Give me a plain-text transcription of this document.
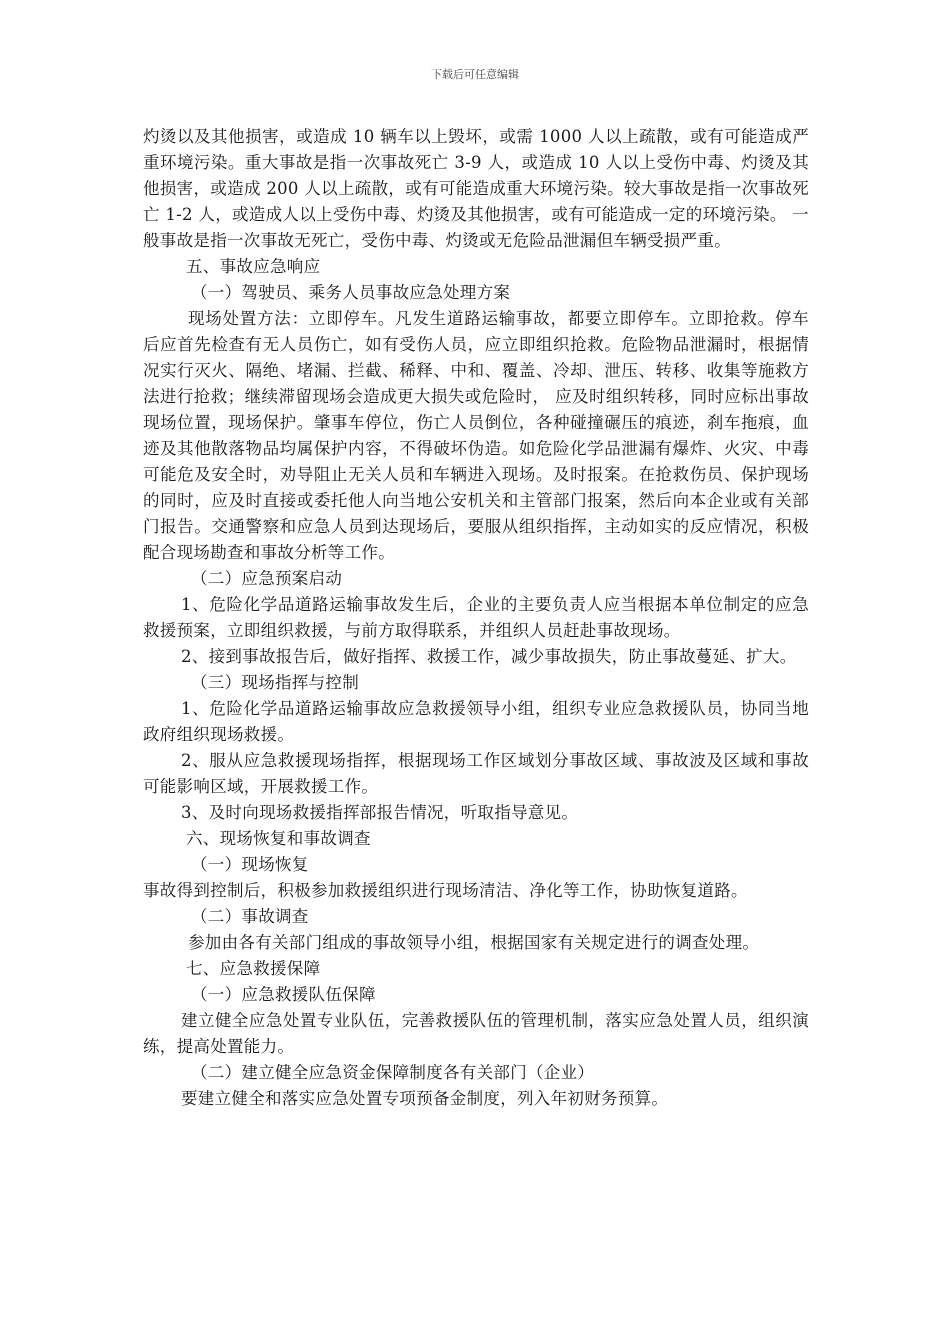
下载后可任意编辑

灼烫以及其他损害，或造成 10 辆车以上毁坏，或需 1000 人以上疏散，或有可能造成严重环境污染。重大事故是指一次事故死亡 3-9 人，或造成 10 人以上受伤中毒、灼烫及其他损害，或造成 200 人以上疏散，或有可能造成重大环境污染。较大事故是指一次事故死亡 1-2 人，或造成人以上受伤中毒、灼烫及其他损害，或有可能造成一定的环境污染。 一般事故是指一次事故无死亡，受伤中毒、灼烫或无危险品泄漏但车辆受损严重。

五、事故应急响应

（一）驾驶员、乘务人员事故应急处理方案

现场处置方法：立即停车。凡发生道路运输事故，都要立即停车。立即抢救。停车后应首先检查有无人员伤亡，如有受伤人员，应立即组织抢救。危险物品泄漏时，根据情况实行灭火、隔绝、堵漏、拦截、稀释、中和、覆盖、冷却、泄压、转移、收集等施救方法进行抢救；继续滞留现场会造成更大损失或危险时， 应及时组织转移，同时应标出事故现场位置，现场保护。肇事车停位，伤亡人员倒位，各种碰撞碾压的痕迹，刹车拖痕，血迹及其他散落物品均属保护内容，不得破坏伪造。如危险化学品泄漏有爆炸、火灾、中毒可能危及安全时，劝导阻止无关人员和车辆进入现场。及时报案。在抢救伤员、保护现场的同时，应及时直接或委托他人向当地公安机关和主管部门报案，然后向本企业或有关部门报告。交通警察和应急人员到达现场后，要服从组织指挥，主动如实的反应情况，积极配合现场勘查和事故分析等工作。

（二）应急预案启动

1、危险化学品道路运输事故发生后，企业的主要负责人应当根据本单位制定的应急救援预案，立即组织救援，与前方取得联系，并组织人员赶赴事故现场。

2、接到事故报告后，做好指挥、救援工作，减少事故损失，防止事故蔓延、扩大。

（三）现场指挥与控制

1、危险化学品道路运输事故应急救援领导小组，组织专业应急救援队员，协同当地政府组织现场救援。

2、服从应急救援现场指挥，根据现场工作区域划分事故区域、事故波及区域和事故可能影响区域，开展救援工作。

3、及时向现场救援指挥部报告情况，听取指导意见。

六、现场恢复和事故调查

（一）现场恢复

事故得到控制后，积极参加救援组织进行现场清洁、净化等工作，协助恢复道路。

（二）事故调查

参加由各有关部门组成的事故领导小组，根据国家有关规定进行的调查处理。

七、应急救援保障

（一）应急救援队伍保障

建立健全应急处置专业队伍，完善救援队伍的管理机制，落实应急处置人员，组织演练，提高处置能力。

（二）建立健全应急资金保障制度各有关部门（企业）

要建立健全和落实应急处置专项预备金制度，列入年初财务预算。
